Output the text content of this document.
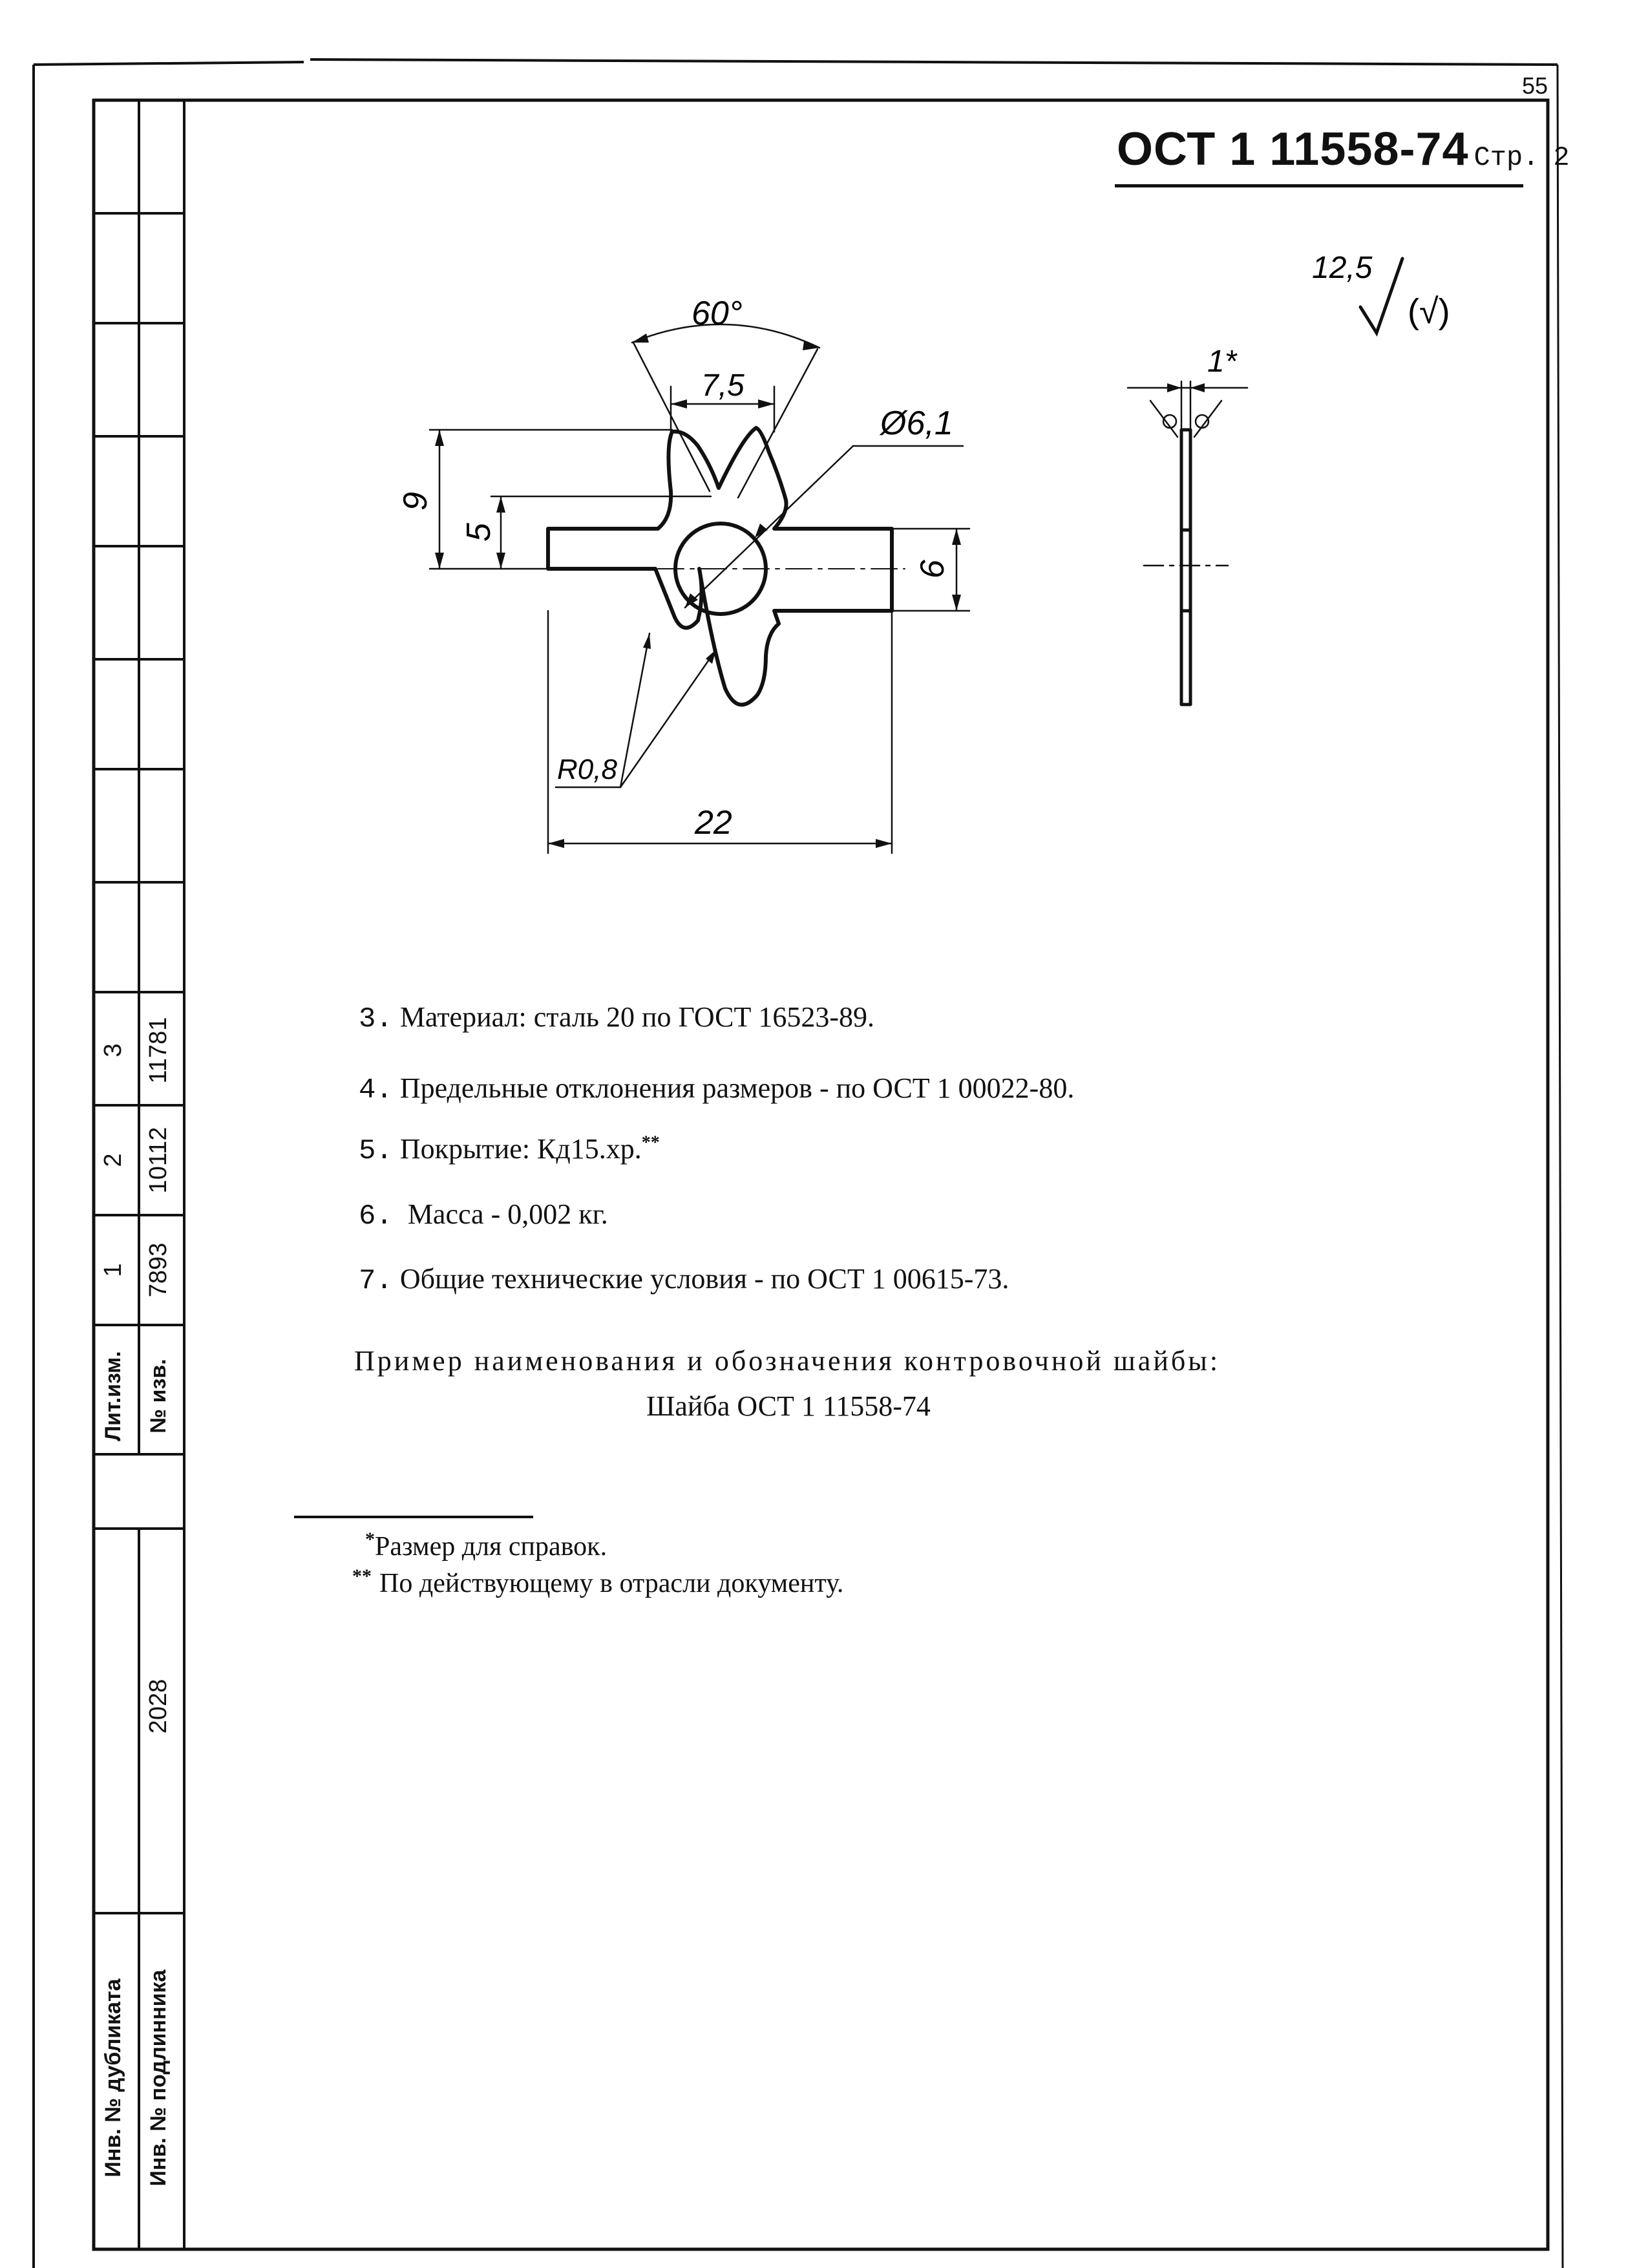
55
ОСТ 1 11558-74 Стр. 2
12,5
(√)
60°
7,5
Ø6,1
9
5
6
R0,8
22
1*
3. Материал: сталь 20 по ГОСТ 16523-89.
4. Предельные отклонения размеров - по ОСТ 1 00022-80.
5. Покрытие: Кд15.хр.**
6. Масса - 0,002 кг.
7. Общие технические условия - по ОСТ 1 00615-73.
Пример наименования и обозначения контровочной шайбы:
Шайба ОСТ 1 11558-74
*Размер для справок.
** По действующему в отрасли документу.
Лит.изм. № изв.
1 7893
2 10112
3 11781
Инв. № дубликата Инв. № подлинника
2028
